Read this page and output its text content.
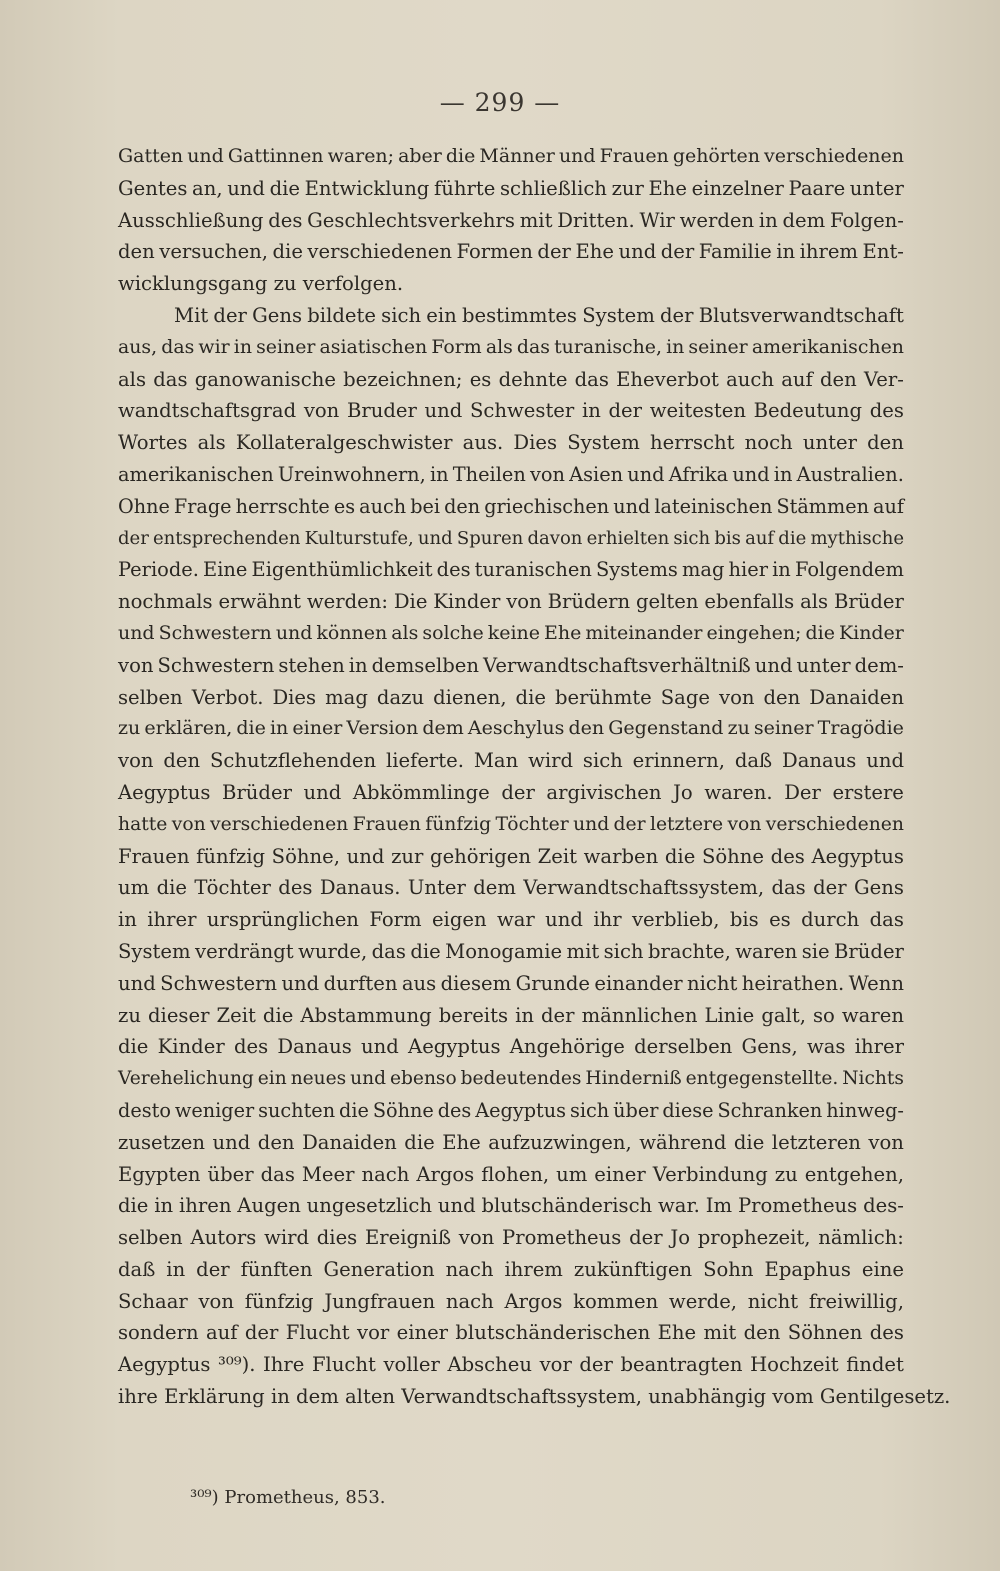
— 299 —
Gatten und Gattinnen waren; aber die Männer und Frauen gehörten verschiedenen
Gentes an, und die Entwicklung führte schließlich zur Ehe einzelner Paare unter
Ausschließung des Geschlechtsverkehrs mit Dritten. Wir werden in dem Folgen-
den versuchen, die verschiedenen Formen der Ehe und der Familie in ihrem Ent-
wicklungsgang zu verfolgen.
Mit der Gens bildete sich ein bestimmtes System der Blutsverwandtschaft
aus, das wir in seiner asiatischen Form als das turanische, in seiner amerikanischen
als das ganowanische bezeichnen; es dehnte das Eheverbot auch auf den Ver-
wandtschaftsgrad von Bruder und Schwester in der weitesten Bedeutung des
Wortes als Kollateralgeschwister aus. Dies System herrscht noch unter den
amerikanischen Ureinwohnern, in Theilen von Asien und Afrika und in Australien.
Ohne Frage herrschte es auch bei den griechischen und lateinischen Stämmen auf
der entsprechenden Kulturstufe, und Spuren davon erhielten sich bis auf die mythische
Periode. Eine Eigenthümlichkeit des turanischen Systems mag hier in Folgendem
nochmals erwähnt werden: Die Kinder von Brüdern gelten ebenfalls als Brüder
und Schwestern und können als solche keine Ehe miteinander eingehen; die Kinder
von Schwestern stehen in demselben Verwandtschaftsverhältniß und unter dem-
selben Verbot. Dies mag dazu dienen, die berühmte Sage von den Danaiden
zu erklären, die in einer Version dem Aeschylus den Gegenstand zu seiner Tragödie
von den Schutzflehenden lieferte. Man wird sich erinnern, daß Danaus und
Aegyptus Brüder und Abkömmlinge der argivischen Jo waren. Der erstere
hatte von verschiedenen Frauen fünfzig Töchter und der letztere von verschiedenen
Frauen fünfzig Söhne, und zur gehörigen Zeit warben die Söhne des Aegyptus
um die Töchter des Danaus. Unter dem Verwandtschaftssystem, das der Gens
in ihrer ursprünglichen Form eigen war und ihr verblieb, bis es durch das
System verdrängt wurde, das die Monogamie mit sich brachte, waren sie Brüder
und Schwestern und durften aus diesem Grunde einander nicht heirathen. Wenn
zu dieser Zeit die Abstammung bereits in der männlichen Linie galt, so waren
die Kinder des Danaus und Aegyptus Angehörige derselben Gens, was ihrer
Verehelichung ein neues und ebenso bedeutendes Hinderniß entgegenstellte. Nichts
desto weniger suchten die Söhne des Aegyptus sich über diese Schranken hinweg-
zusetzen und den Danaiden die Ehe aufzuzwingen, während die letzteren von
Egypten über das Meer nach Argos flohen, um einer Verbindung zu entgehen,
die in ihren Augen ungesetzlich und blutschänderisch war. Im Prometheus des-
selben Autors wird dies Ereigniß von Prometheus der Jo prophezeit, nämlich:
daß in der fünften Generation nach ihrem zukünftigen Sohn Epaphus eine
Schaar von fünfzig Jungfrauen nach Argos kommen werde, nicht freiwillig,
sondern auf der Flucht vor einer blutschänderischen Ehe mit den Söhnen des
Aegyptus ³⁰⁹). Ihre Flucht voller Abscheu vor der beantragten Hochzeit findet
ihre Erklärung in dem alten Verwandtschaftssystem, unabhängig vom Gentilgesetz.
³⁰⁹) Prometheus, 853.
